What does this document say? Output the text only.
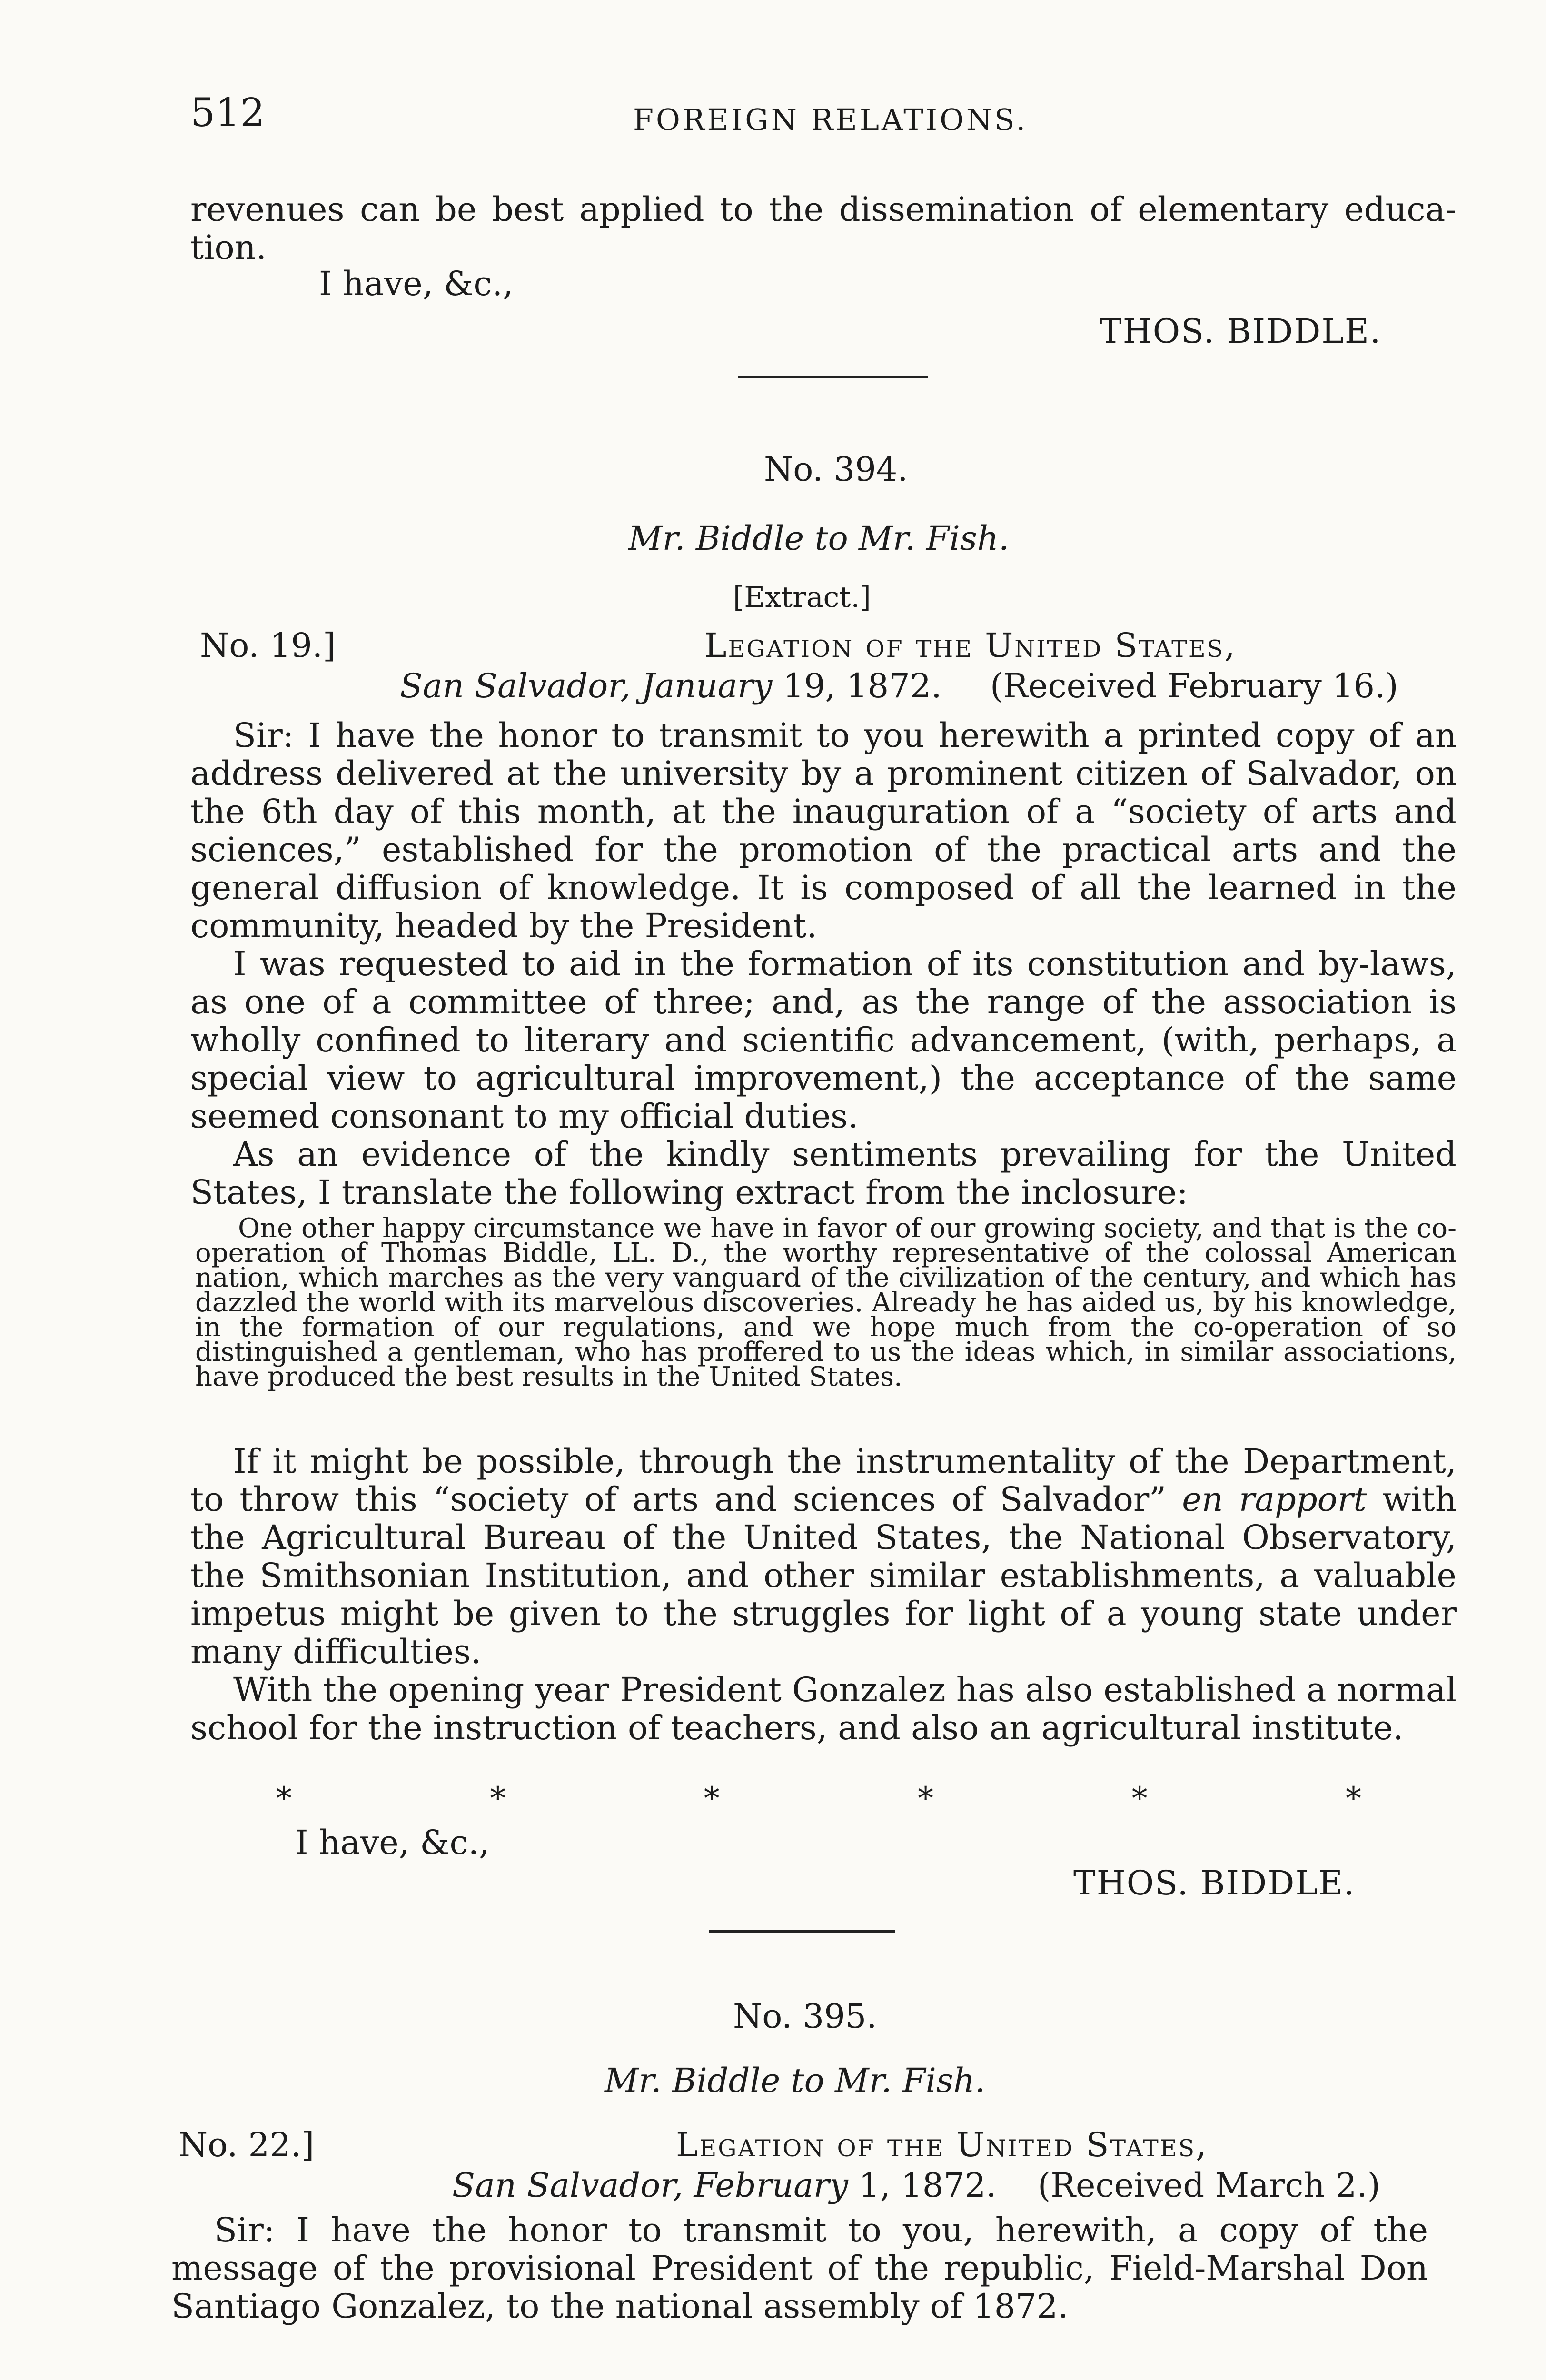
512	FOREIGN RELATIONS.
revenues can be best applied to the dissemination of elementary educa-
tion.
I have, &c.,
THOS. BIDDLE.
No. 394.
Mr. Biddle to Mr. Fish.
[Extract.]
No. 19.]	Legation of the United States,
San Salvador, January 19, 1872. (Received February 16.)

Sir: I have the honor to transmit to you herewith a printed copy of an address delivered at the university by a prominent citizen of Salvador, on the 6th day of this month, at the inauguration of a “society of arts and sciences,” established for the promotion of the practical arts and the general diffusion of knowledge. It is composed of all the learned in the community, headed by the President.

I was requested to aid in the formation of its constitution and by-laws, as one of a committee of three; and, as the range of the association is wholly confined to literary and scientific advancement, (with, perhaps, a special view to agricultural improvement,) the acceptance of the same seemed consonant to my official duties.

As an evidence of the kindly sentiments prevailing for the United States, I translate the following extract from the inclosure:

One other happy circumstance we have in favor of our growing society, and that is the co-operation of Thomas Biddle, LL. D., the worthy representative of the colossal American nation, which marches as the very vanguard of the civilization of the century, and which has dazzled the world with its marvelous discoveries. Already he has aided us, by his knowledge, in the formation of our regulations, and we hope much from the co-operation of so distinguished a gentleman, who has proffered to us the ideas which, in similar associations, have produced the best results in the United States.

If it might be possible, through the instrumentality of the Department, to throw this “society of arts and sciences of Salvador” en rapport with the Agricultural Bureau of the United States, the National Observatory, the Smithsonian Institution, and other similar establishments, a valuable impetus might be given to the struggles for light of a young state under many difficulties.

With the opening year President Gonzalez has also established a normal school for the instruction of teachers, and also an agricultural institute.

*	*	*	*	*	*
I have, &c.,
THOS. BIDDLE.
No. 395.
Mr. Biddle to Mr. Fish.
No. 22.]	Legation of the United States,
San Salvador, February 1, 1872. (Received March 2.)

Sir: I have the honor to transmit to you, herewith, a copy of the message of the provisional President of the republic, Field-Marshal Don Santiago Gonzalez, to the national assembly of 1872.
